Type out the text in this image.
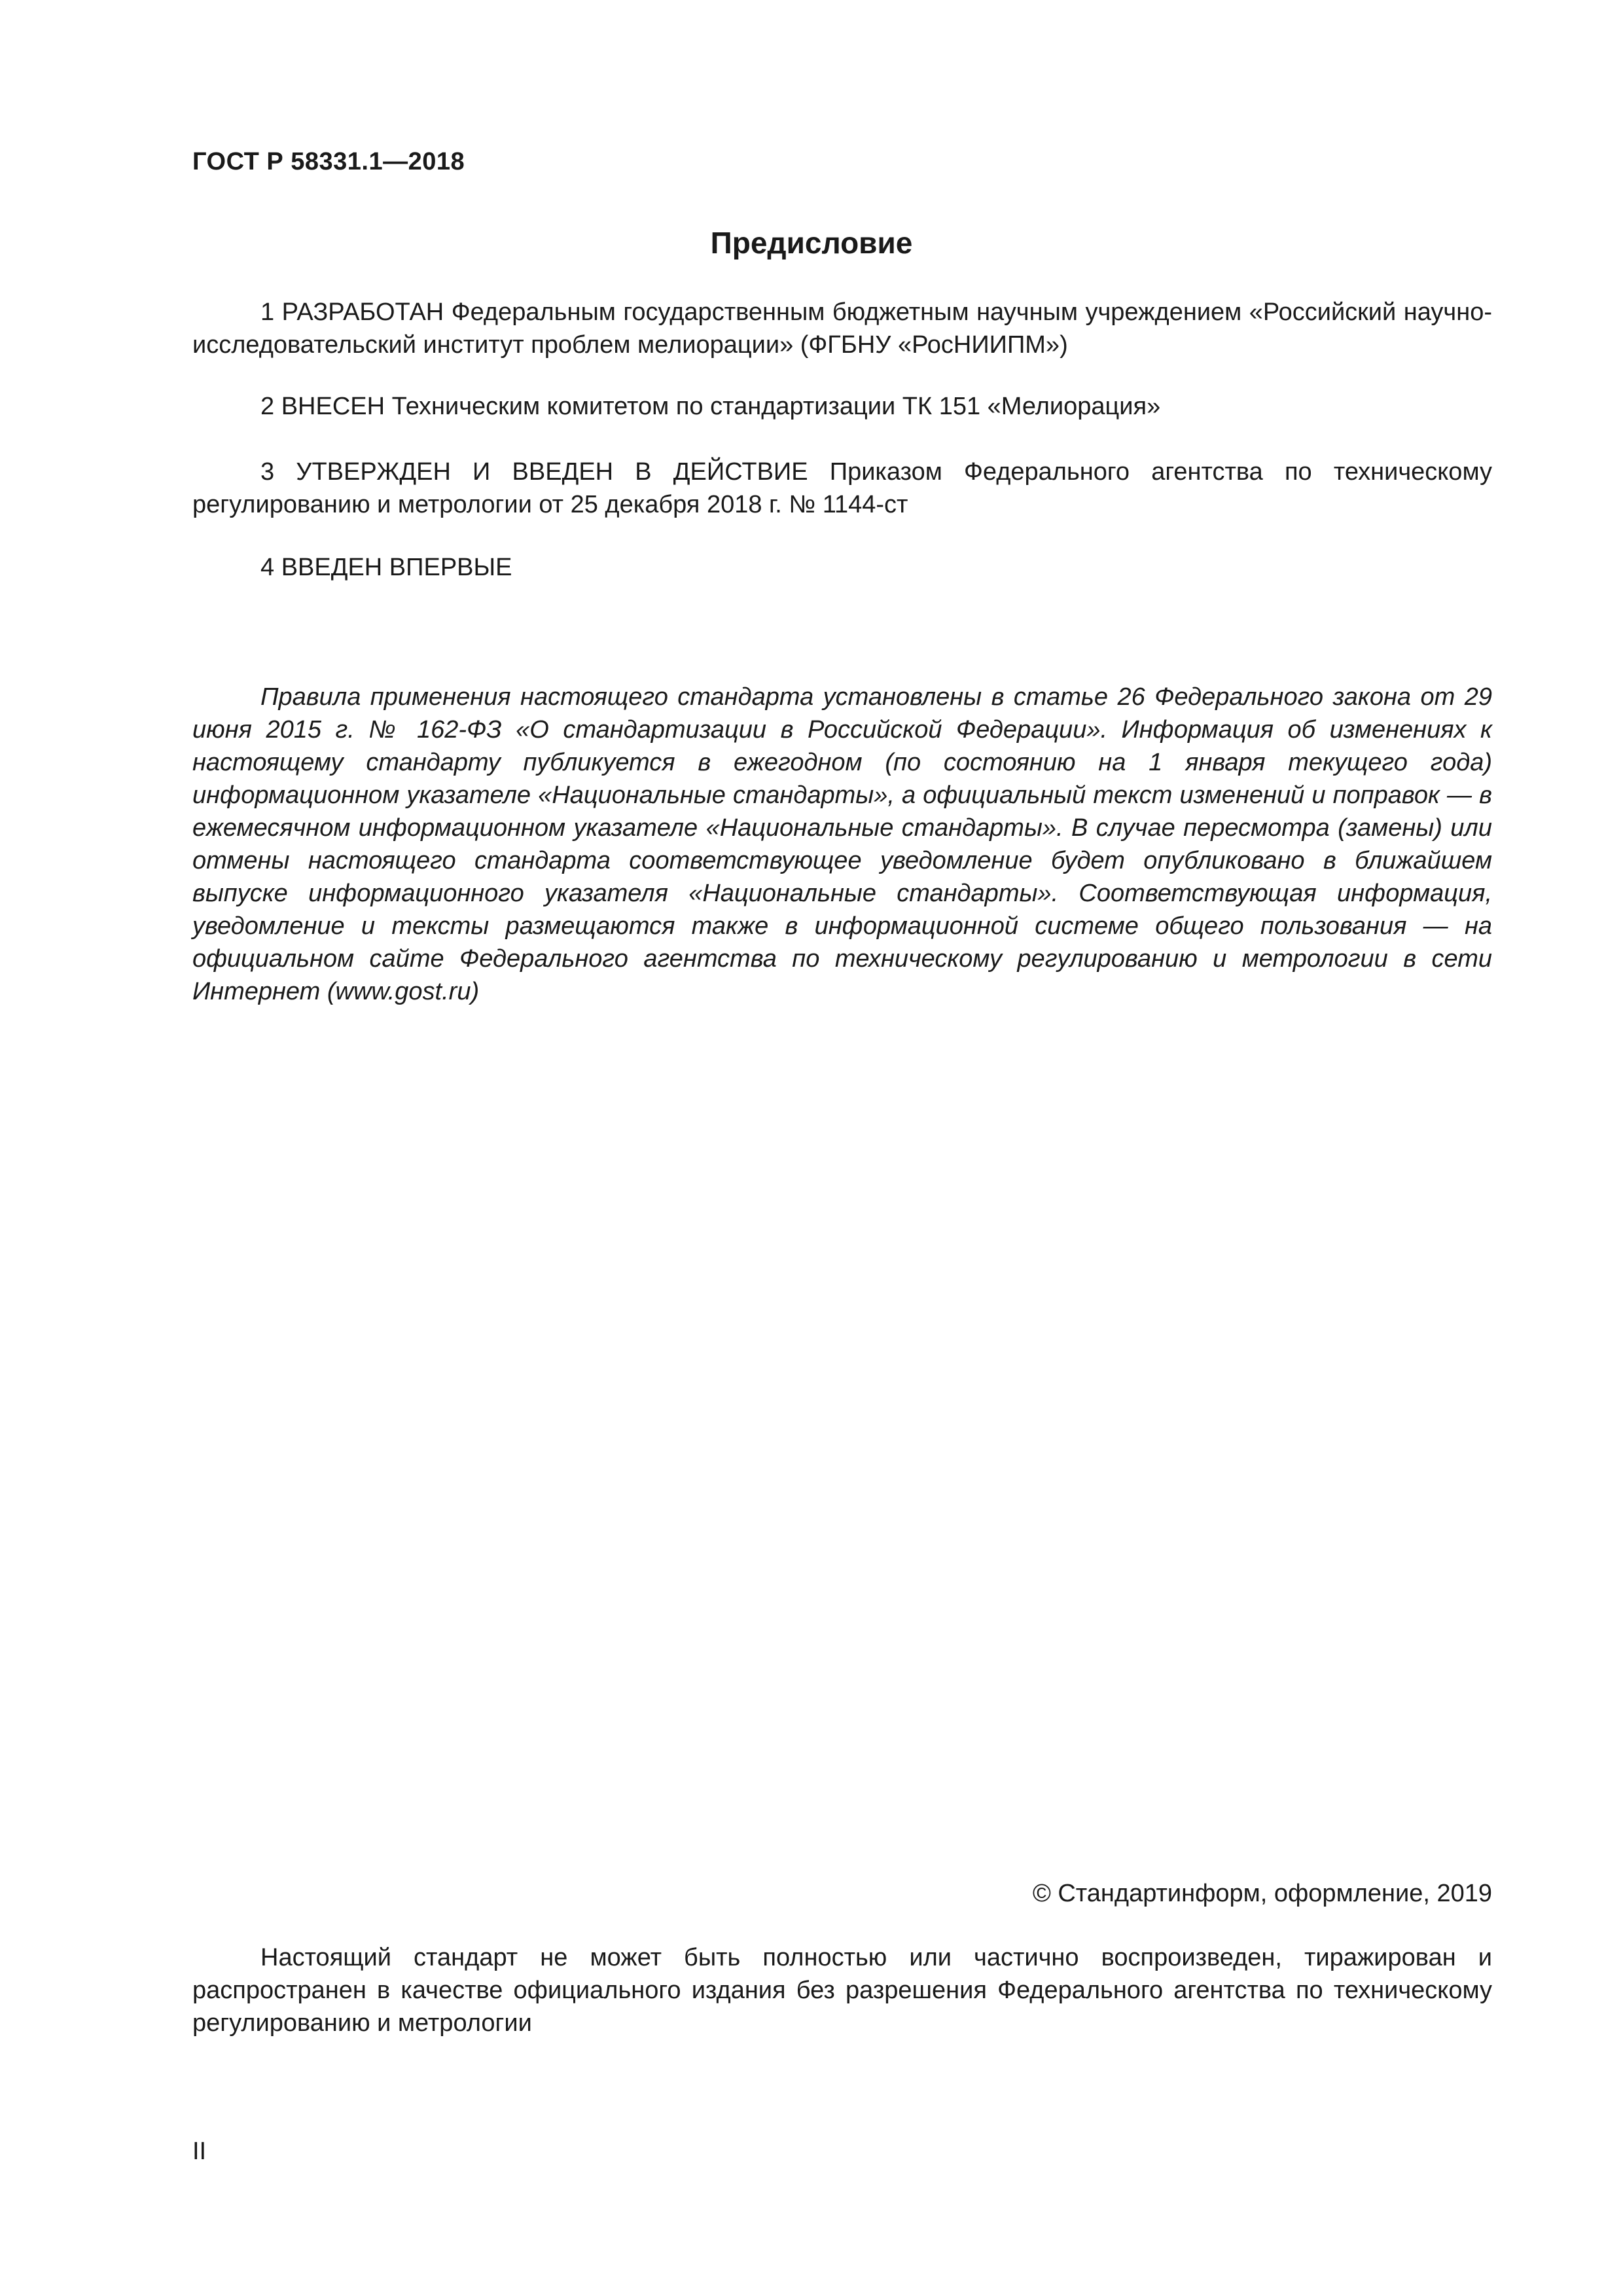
ГОСТ Р 58331.1—2018
Предисловие

1 РАЗРАБОТАН Федеральным государственным бюджетным научным учреждением «Российский научно-исследовательский институт проблем мелиорации» (ФГБНУ «РосНИИПМ»)

2 ВНЕСЕН Техническим комитетом по стандартизации ТК 151 «Мелиорация»

3 УТВЕРЖДЕН И ВВЕДЕН В ДЕЙСТВИЕ Приказом Федерального агентства по техническому регулированию и метрологии от 25 декабря 2018 г. № 1144-ст

4 ВВЕДЕН ВПЕРВЫЕ

Правила применения настоящего стандарта установлены в статье 26 Федерального закона от 29 июня 2015 г. № 162-ФЗ «О стандартизации в Российской Федерации». Информация об изменениях к настоящему стандарту публикуется в ежегодном (по состоянию на 1 января текущего года) информационном указателе «Национальные стандарты», а официальный текст изменений и поправок — в ежемесячном информационном указателе «Национальные стандарты». В случае пересмотра (замены) или отмены настоящего стандарта соответствующее уведомление будет опубликовано в ближайшем выпуске информационного указателя «Национальные стандарты». Соответствующая информация, уведомление и тексты размещаются также в информационной системе общего пользования — на официальном сайте Федерального агентства по техническому регулированию и метрологии в сети Интернет (www.gost.ru)

© Стандартинформ, оформление, 2019

Настоящий стандарт не может быть полностью или частично воспроизведен, тиражирован и распространен в качестве официального издания без разрешения Федерального агентства по техническому регулированию и метрологии

II
